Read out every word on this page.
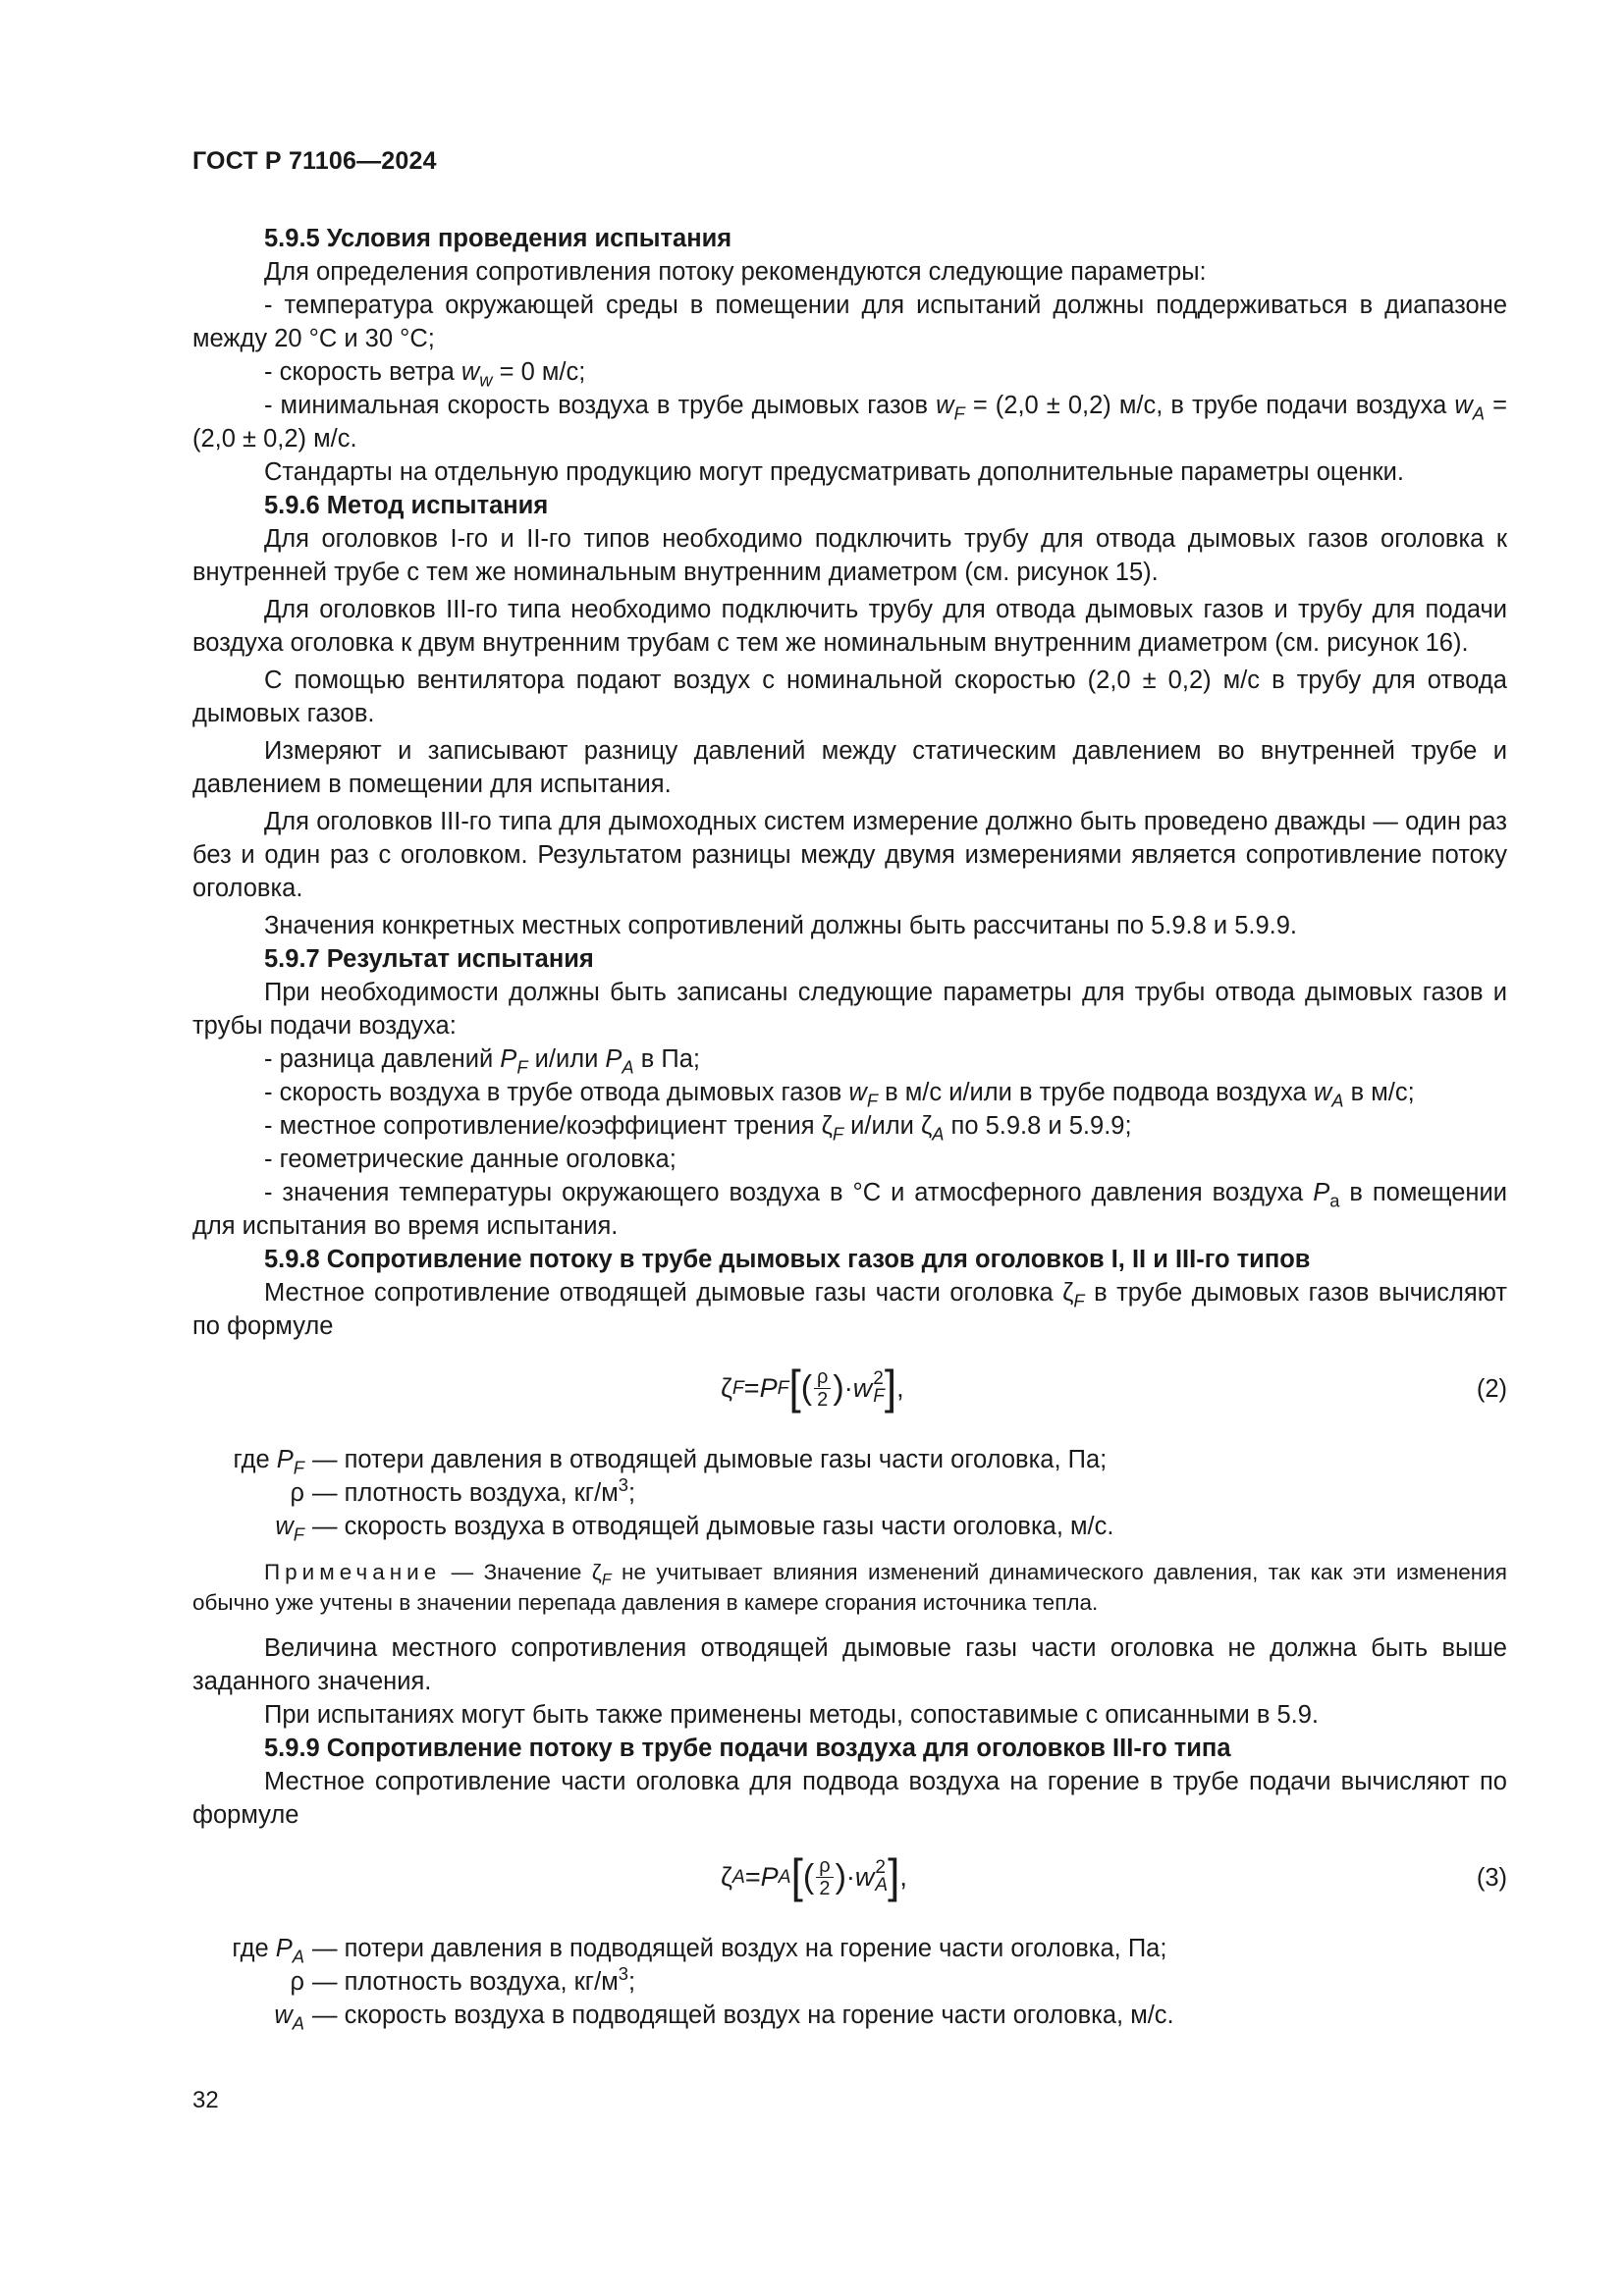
ГОСТ Р 71106—2024

5.9.5 Условия проведения испытания

Для определения сопротивления потоку рекомендуются следующие параметры:

- температура окружающей среды в помещении для испытаний должны поддерживаться в диапазоне между 20 °С и 30 °С;

- скорость ветра $w_w = 0$ м/с;

- минимальная скорость воздуха в трубе дымовых газов $w_F = (2,0 \pm 0,2)$ м/с, в трубе подачи воздуха $w_A = (2,0 \pm 0,2)$ м/с.

Стандарты на отдельную продукцию могут предусматривать дополнительные параметры оценки.

5.9.6 Метод испытания

Для оголовков I-го и II-го типов необходимо подключить трубу для отвода дымовых газов оголовка к внутренней трубе с тем же номинальным внутренним диаметром (см. рисунок 15).

Для оголовков III-го типа необходимо подключить трубу для отвода дымовых газов и трубу для подачи воздуха оголовка к двум внутренним трубам с тем же номинальным внутренним диаметром (см. рисунок 16).

С помощью вентилятора подают воздух с номинальной скоростью (2,0 ± 0,2) м/с в трубу для отвода дымовых газов.

Измеряют и записывают разницу давлений между статическим давлением во внутренней трубе и давлением в помещении для испытания.

Для оголовков III-го типа для дымоходных систем измерение должно быть проведено дважды — один раз без и один раз с оголовком. Результатом разницы между двумя измерениями является сопротивление потоку оголовка.

Значения конкретных местных сопротивлений должны быть рассчитаны по 5.9.8 и 5.9.9.

5.9.7 Результат испытания

При необходимости должны быть записаны следующие параметры для трубы отвода дымовых газов и трубы подачи воздуха:

- разница давлений $P_F$ и/или $P_A$ в Па;

- скорость воздуха в трубе отвода дымовых газов $w_F$ в м/с и/или в трубе подвода воздуха $w_A$ в м/с;

- местное сопротивление/коэффициент трения $\zeta_F$ и/или $\zeta_A$ по 5.9.8 и 5.9.9;

- геометрические данные оголовка;

- значения температуры окружающего воздуха в °С и атмосферного давления воздуха $P_a$ в помещении для испытания во время испытания.

5.9.8 Сопротивление потоку в трубе дымовых газов для оголовков I, II и III-го типов

Местное сопротивление отводящей дымовые газы части оголовка $\zeta_F$ в трубе дымовых газов вычисляют по формуле

ζ F = P F [ ( $\frac{\rho}{2}$ ) · w 2
F ] ,	(2)
где $P_F$ — потери давления в отводящей дымовые газы части оголовка, Па;
ρ — плотность воздуха, $кг/м^3$;
$w_F$ — скорость воздуха в отводящей дымовые газы части оголовка, м/с.

Примечание — Значение $\zeta_F$ не учитывает влияния изменений динамического давления, так как эти изменения обычно уже учтены в значении перепада давления в камере сгорания источника тепла.

Величина местного сопротивления отводящей дымовые газы части оголовка не должна быть выше заданного значения.

При испытаниях могут быть также применены методы, сопоставимые с описанными в 5.9.

5.9.9 Сопротивление потоку в трубе подачи воздуха для оголовков III-го типа

Местное сопротивление части оголовка для подвода воздуха на горение в трубе подачи вычисляют по формуле

ζ A = P A [ ( $\frac{\rho}{2}$ ) · w 2
A ] ,	(3)
где $P_A$ — потери давления в подводящей воздух на горение части оголовка, Па;
ρ — плотность воздуха, $кг/м^3$;
$w_A$ — скорость воздуха в подводящей воздух на горение части оголовка, м/с.
32
